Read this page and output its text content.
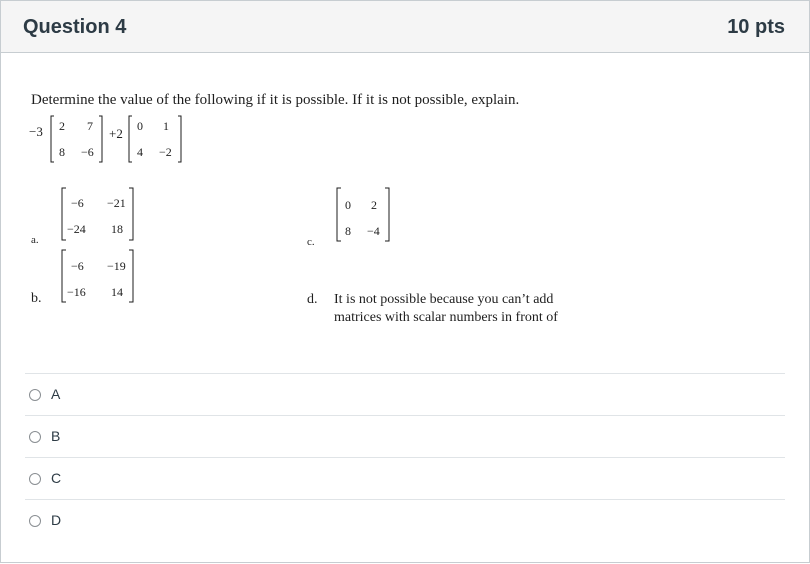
Question 4	10 pts
Determine the value of the following if it is possible. If it is not possible, explain.
−3 2 7
8 −6
+2 0 1
4 −2
a.
−6 −21
−24 18
b.
−6 −19
−16 14
c.
0 2
8 −4
d. It is not possible because you can’t add
matrices with scalar numbers in front of
A
B
C
D
